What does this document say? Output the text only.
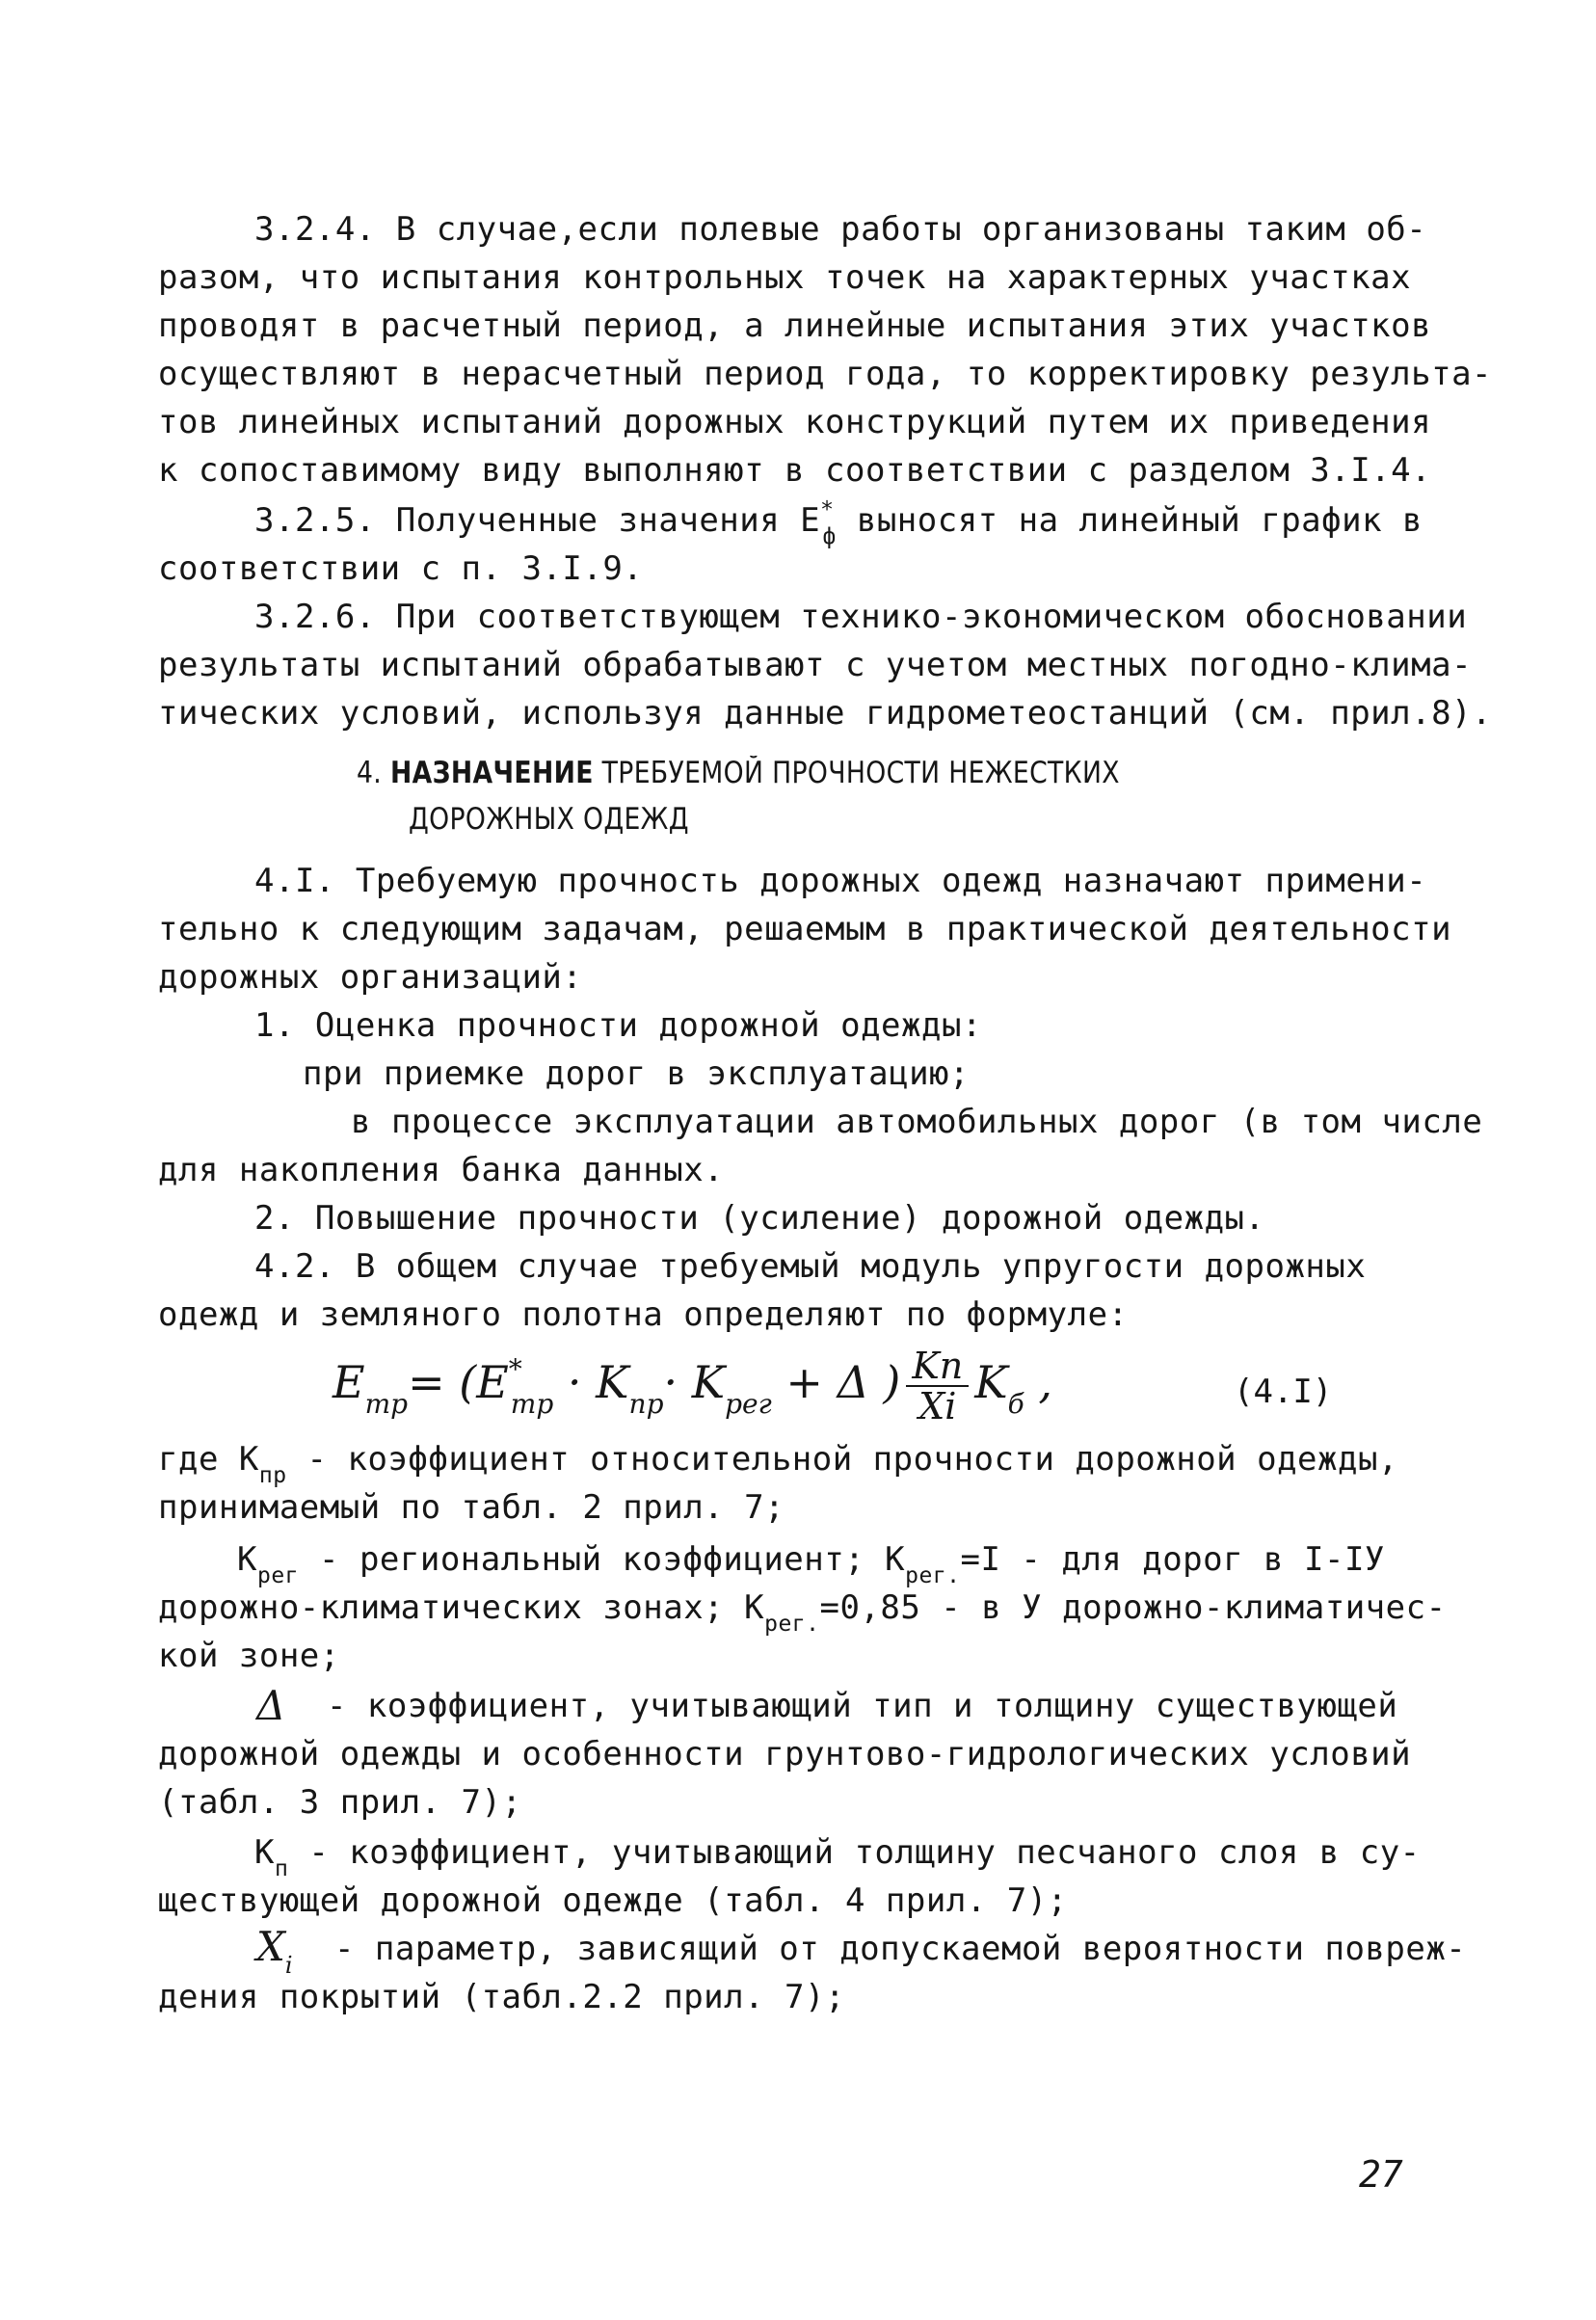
3.2.4. В случае,если полевые работы организованы таким об-
разом, что испытания контрольных точек на характерных участках
проводят в расчетный период, а линейные испытания этих участков
осуществляют в нерасчетный период года, то корректировку результа-
тов линейных испытаний дорожных конструкций путем их приведения
к сопоставимому виду выполняют в соответствии с разделом 3.I.4.
3.2.5. Полученные значения $Е^*_ф$ выносят на линейный график в
соответствии с п. 3.I.9.
3.2.6. При соответствующем технико-экономическом обосновании
результаты испытаний обрабатывают с учетом местных погодно-клима-
тических условий, используя данные гидрометеостанций (см. прил.8).
4. НАЗНАЧЕНИЕ ТРЕБУЕМОЙ ПРОЧНОСТИ НЕЖЕСТКИХ
ДОРОЖНЫХ ОДЕЖД
4.I. Требуемую прочность дорожных одежд назначают примени-
тельно к следующим задачам, решаемым в практической деятельности
дорожных организаций:
1. Оценка прочности дорожной одежды:
при приемке дорог в эксплуатацию;
в процессе эксплуатации автомобильных дорог (в том числе
для накопления банка данных.
2. Повышение прочности (усиление) дорожной одежды.
4.2. В общем случае требуемый модуль упругости дорожных
одежд и земляного полотна определяют по формуле:
$E_{тр}= (E^*_{тр} \cdot K_{пр}\cdot K_{рег} + \Delta$ ) $\frac{Kп}{Xi} K_б$ ,	(4.I)
где $К_{пр}$ - коэффициент относительной прочности дорожной одежды,
принимаемый по табл. 2 прил. 7;
$К_{рег}$ - региональный коэффициент; $К_{рег.}=I$ - для дорог в I-IУ
дорожно-климатических зонах; $К_{рег.}=0,85 - в$ У дорожно-климатичес-
кой зоне;
Δ - коэффициент, учитывающий тип и толщину существующей
дорожной одежды и особенности грунтово-гидрологических условий
(табл. 3 прил. 7);
$К_п$ - коэффициент, учитывающий толщину песчаного слоя в су-
ществующей дорожной одежде (табл. 4 прил. 7);
$X_i$ - параметр, зависящий от допускаемой вероятности повреж-
дения покрытий (табл.2.2 прил. 7);
27
